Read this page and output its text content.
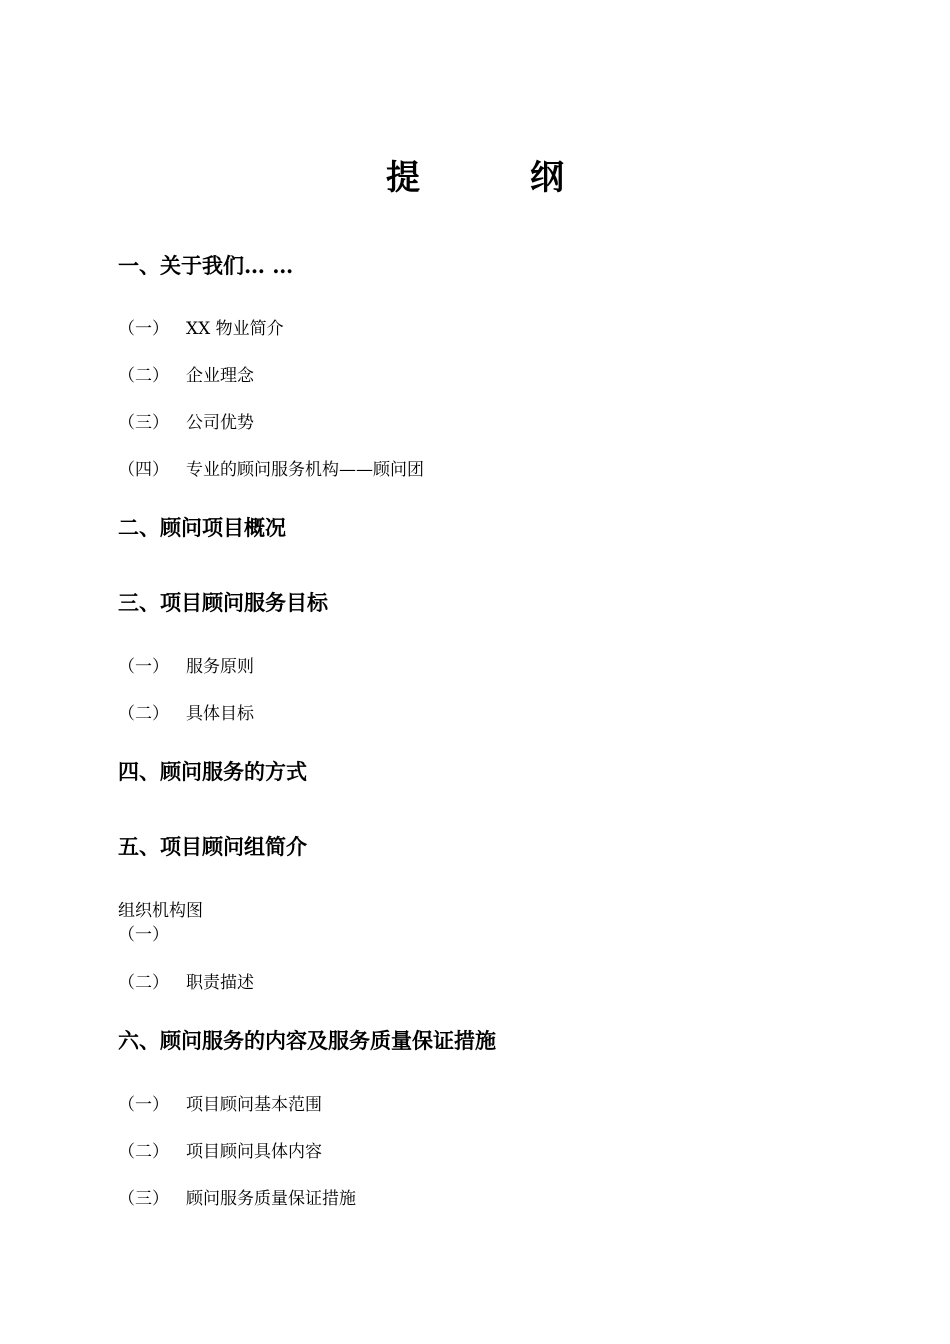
提	纲
一、关于我们… …
（一） XX 物业简介
（二） 企业理念
（三） 公司优势
（四） 专业的顾问服务机构——顾问团
二、顾问项目概况
三、项目顾问服务目标
（一） 服务原则
（二） 具体目标
四、顾问服务的方式
五、项目顾问组简介
组织机构图
（一）
（二） 职责描述
六、顾问服务的内容及服务质量保证措施
（一） 项目顾问基本范围
（二） 项目顾问具体内容
（三） 顾问服务质量保证措施
